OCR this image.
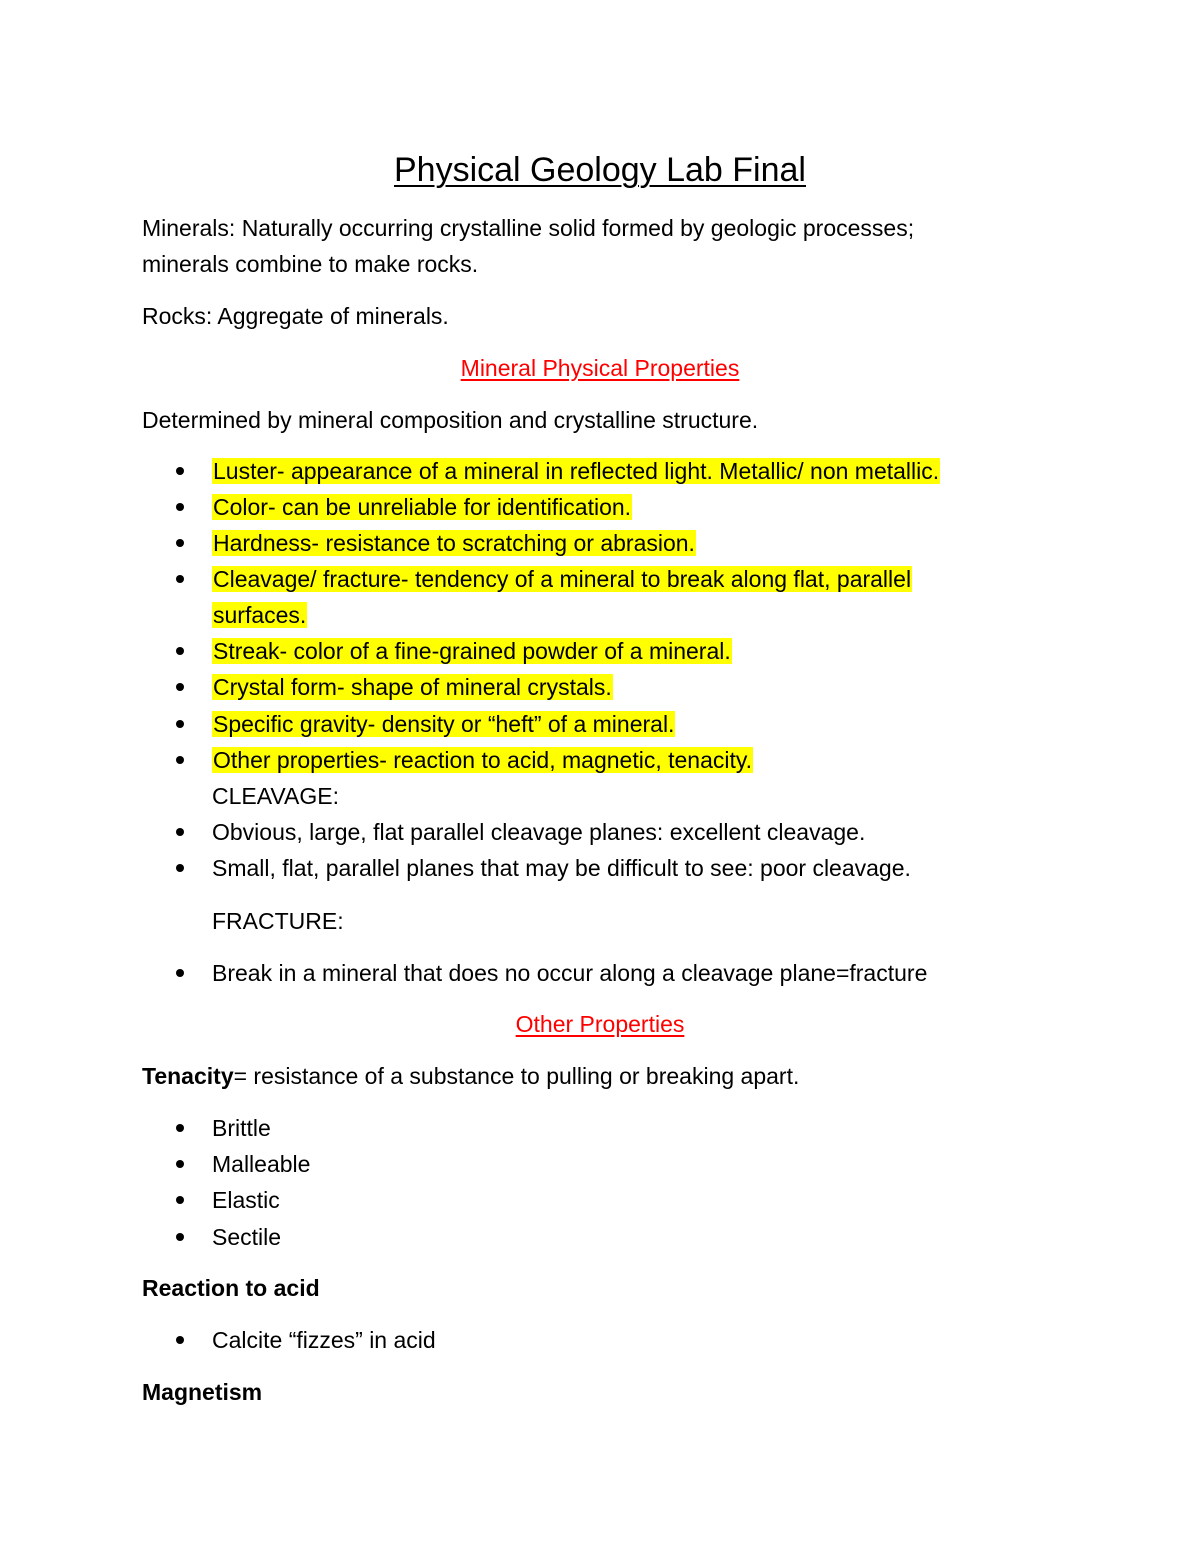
Physical Geology Lab Final
Minerals: Naturally occurring crystalline solid formed by geologic processes;
minerals combine to make rocks.
Rocks: Aggregate of minerals.
Mineral Physical Properties
Determined by mineral composition and crystalline structure.
Luster- appearance of a mineral in reflected light. Metallic/ non metallic.
Color- can be unreliable for identification.
Hardness- resistance to scratching or abrasion.
Cleavage/ fracture- tendency of a mineral to break along flat, parallel
surfaces.
Streak- color of a fine-grained powder of a mineral.
Crystal form- shape of mineral crystals.
Specific gravity- density or “heft” of a mineral.
Other properties- reaction to acid, magnetic, tenacity.
CLEAVAGE:
Obvious, large, flat parallel cleavage planes: excellent cleavage.
Small, flat, parallel planes that may be difficult to see: poor cleavage.
FRACTURE:
Break in a mineral that does no occur along a cleavage plane=fracture
Other Properties
Tenacity= resistance of a substance to pulling or breaking apart.
Brittle
Malleable
Elastic
Sectile
Reaction to acid
Calcite “fizzes” in acid
Magnetism
